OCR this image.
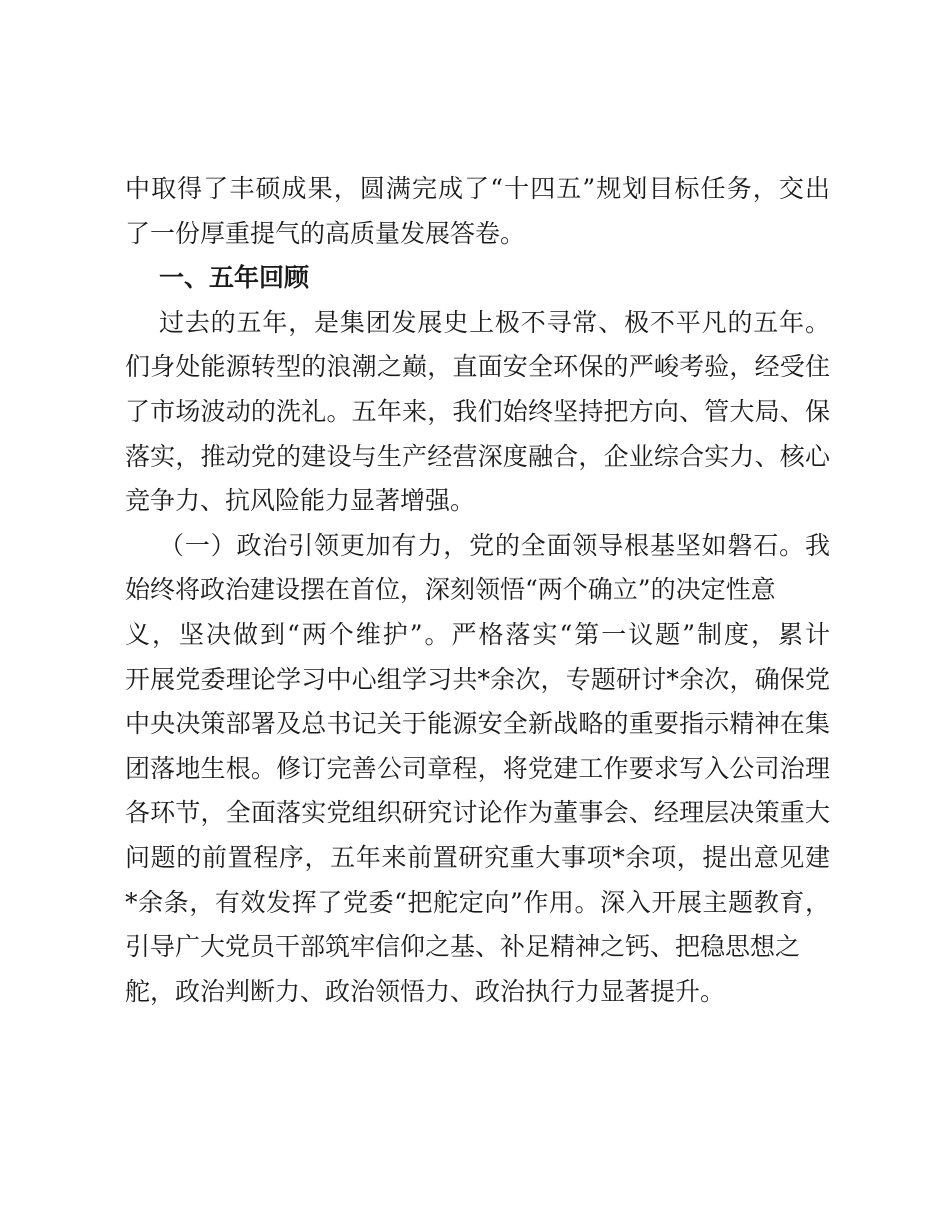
中取得了丰硕成果，圆满完成了“十四五”规划目标任务，交出
了一份厚重提气的高质量发展答卷。
一、五年回顾
过去的五年，是集团发展史上极不寻常、极不平凡的五年。
们身处能源转型的浪潮之巅，直面安全环保的严峻考验，经受住
了市场波动的洗礼。五年来，我们始终坚持把方向、管大局、保
落实，推动党的建设与生产经营深度融合，企业综合实力、核心
竞争力、抗风险能力显著增强。
（一）政治引领更加有力，党的全面领导根基坚如磐石。我
始终将政治建设摆在首位，深刻领悟“两个确立”的决定性意
义，坚决做到“两个维护”。严格落实“第一议题”制度，累计
开展党委理论学习中心组学习共*余次，专题研讨*余次，确保党
中央决策部署及总书记关于能源安全新战略的重要指示精神在集
团落地生根。修订完善公司章程，将党建工作要求写入公司治理
各环节，全面落实党组织研究讨论作为董事会、经理层决策重大
问题的前置程序，五年来前置研究重大事项*余项，提出意见建
*余条，有效发挥了党委“把舵定向”作用。深入开展主题教育，
引导广大党员干部筑牢信仰之基、补足精神之钙、把稳思想之
舵，政治判断力、政治领悟力、政治执行力显著提升。
